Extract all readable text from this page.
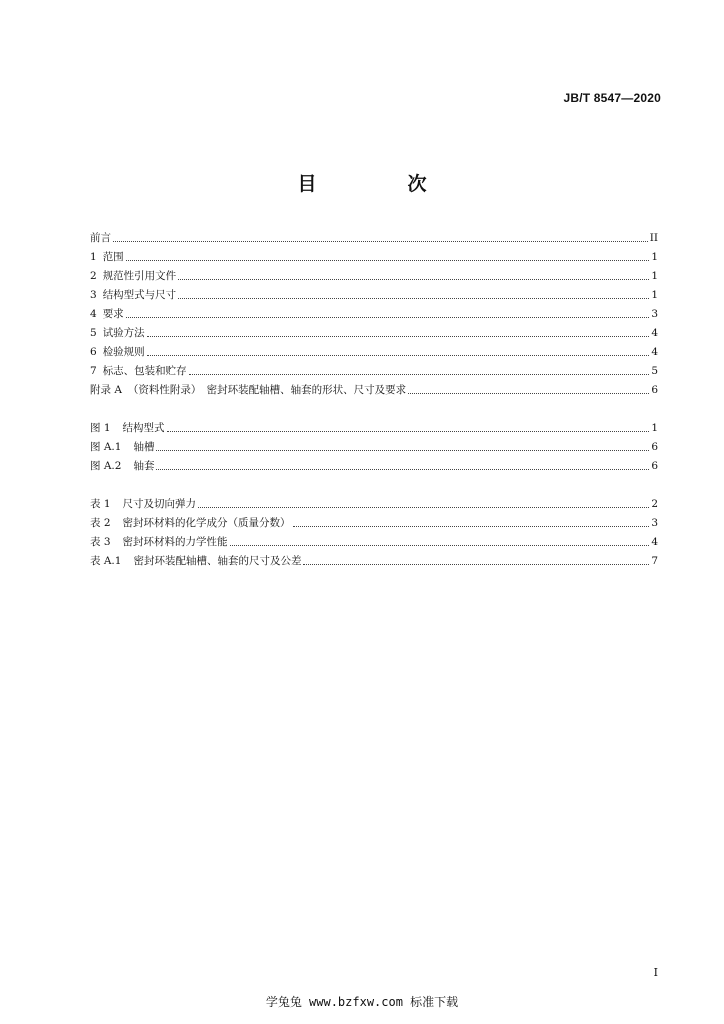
JB/T 8547—2020
目　次
前言	II
1 范围	1
2 规范性引用文件	1
3 结构型式与尺寸	1
4 要求	3
5 试验方法	4
6 检验规则	4
7 标志、包装和贮存	5
附录 A （资料性附录）　密封环装配轴槽、轴套的形状、尺寸及要求	6
图 1 结构型式	1
图 A.1 轴槽	6
图 A.2 轴套	6
表 1 尺寸及切向弹力	2
表 2 密封环材料的化学成分（质量分数）	3
表 3 密封环材料的力学性能	4
表 A.1 密封环装配轴槽、轴套的尺寸及公差	7
I
学兔兔 www.bzfxw.com 标准下载
